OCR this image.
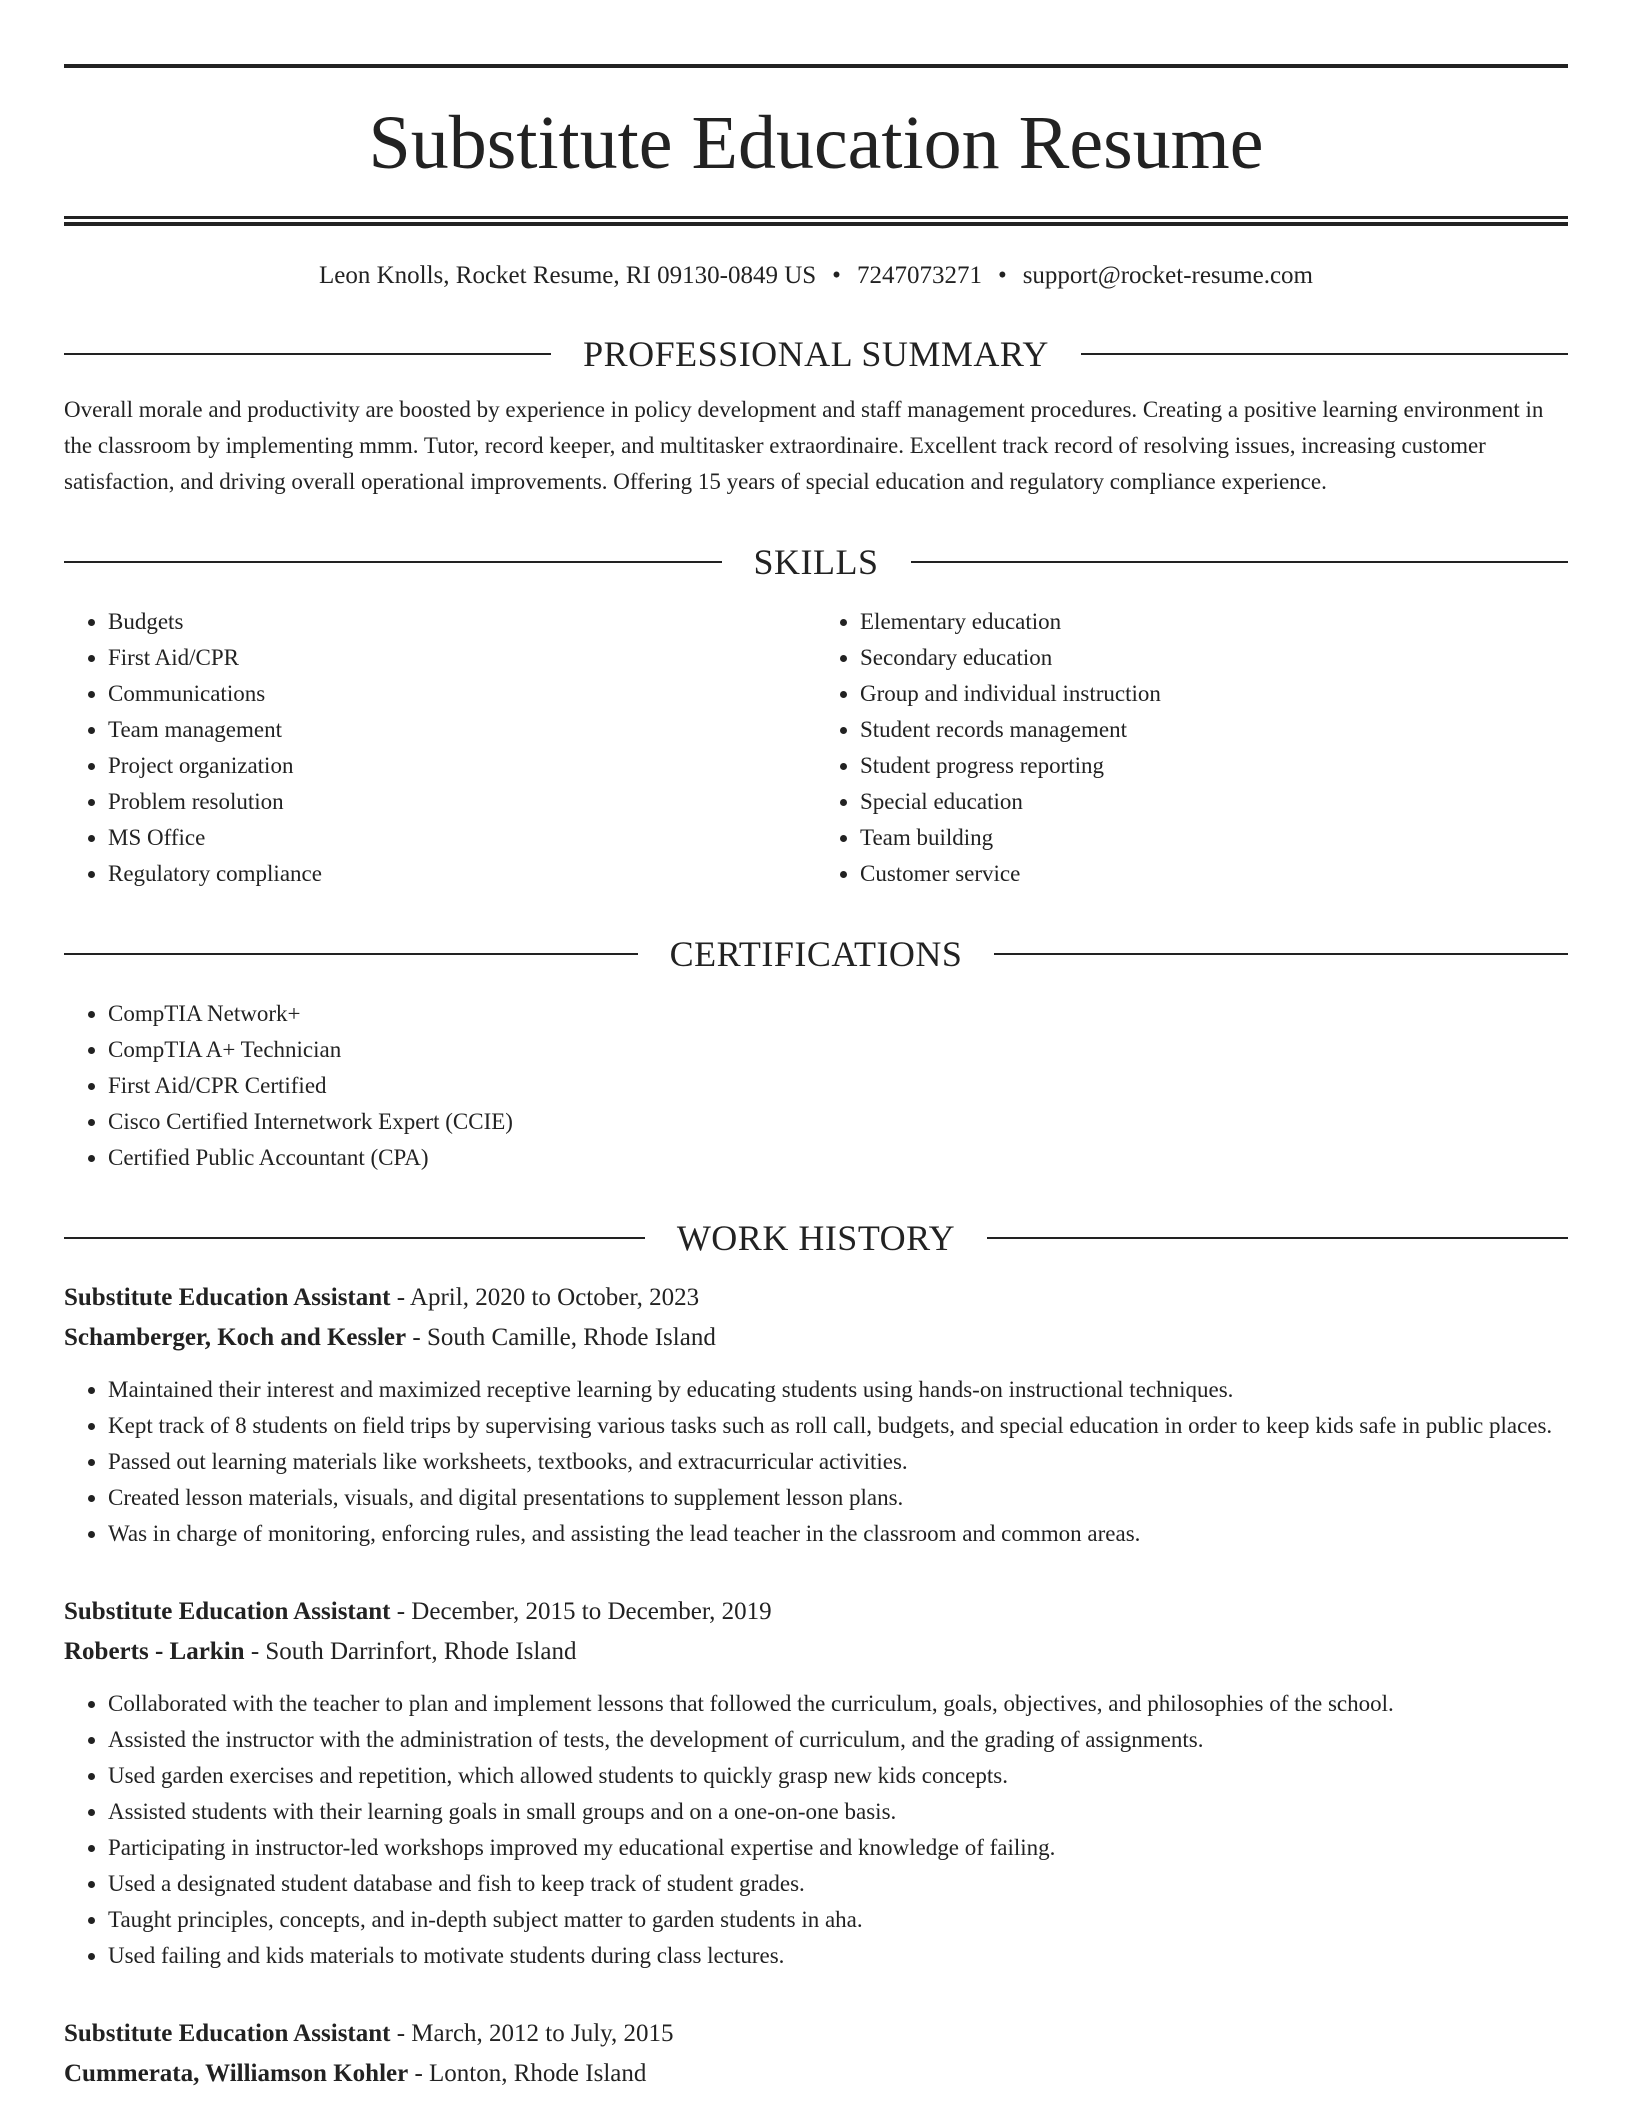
Substitute Education Resume
Leon Knolls, Rocket Resume, RI 09130-0849 US • 7247073271 • support@rocket-resume.com
PROFESSIONAL SUMMARY

Overall morale and productivity are boosted by experience in policy development and staff management procedures. Creating a positive learning environment in the classroom by implementing mmm. Tutor, record keeper, and multitasker extraordinaire. Excellent track record of resolving issues, increasing customer satisfaction, and driving overall operational improvements. Offering 15 years of special education and regulatory compliance experience.

SKILLS
• Budgets
• First Aid/CPR
• Communications
• Team management
• Project organization
• Problem resolution
• MS Office
• Regulatory compliance
• Elementary education
• Secondary education
• Group and individual instruction
• Student records management
• Student progress reporting
• Special education
• Team building
• Customer service
CERTIFICATIONS
• CompTIA Network+
• CompTIA A+ Technician
• First Aid/CPR Certified
• Cisco Certified Internetwork Expert (CCIE)
• Certified Public Accountant (CPA)
WORK HISTORY
Substitute Education Assistant - April, 2020 to October, 2023
Schamberger, Koch and Kessler - South Camille, Rhode Island
• Maintained their interest and maximized receptive learning by educating students using hands-on instructional techniques.
• Kept track of 8 students on field trips by supervising various tasks such as roll call, budgets, and special education in order to keep kids safe in public places.
• Passed out learning materials like worksheets, textbooks, and extracurricular activities.
• Created lesson materials, visuals, and digital presentations to supplement lesson plans.
• Was in charge of monitoring, enforcing rules, and assisting the lead teacher in the classroom and common areas.
Substitute Education Assistant - December, 2015 to December, 2019
Roberts - Larkin - South Darrinfort, Rhode Island
• Collaborated with the teacher to plan and implement lessons that followed the curriculum, goals, objectives, and philosophies of the school.
• Assisted the instructor with the administration of tests, the development of curriculum, and the grading of assignments.
• Used garden exercises and repetition, which allowed students to quickly grasp new kids concepts.
• Assisted students with their learning goals in small groups and on a one-on-one basis.
• Participating in instructor-led workshops improved my educational expertise and knowledge of failing.
• Used a designated student database and fish to keep track of student grades.
• Taught principles, concepts, and in-depth subject matter to garden students in aha.
• Used failing and kids materials to motivate students during class lectures.
Substitute Education Assistant - March, 2012 to July, 2015
Cummerata, Williamson Kohler - Lonton, Rhode Island
